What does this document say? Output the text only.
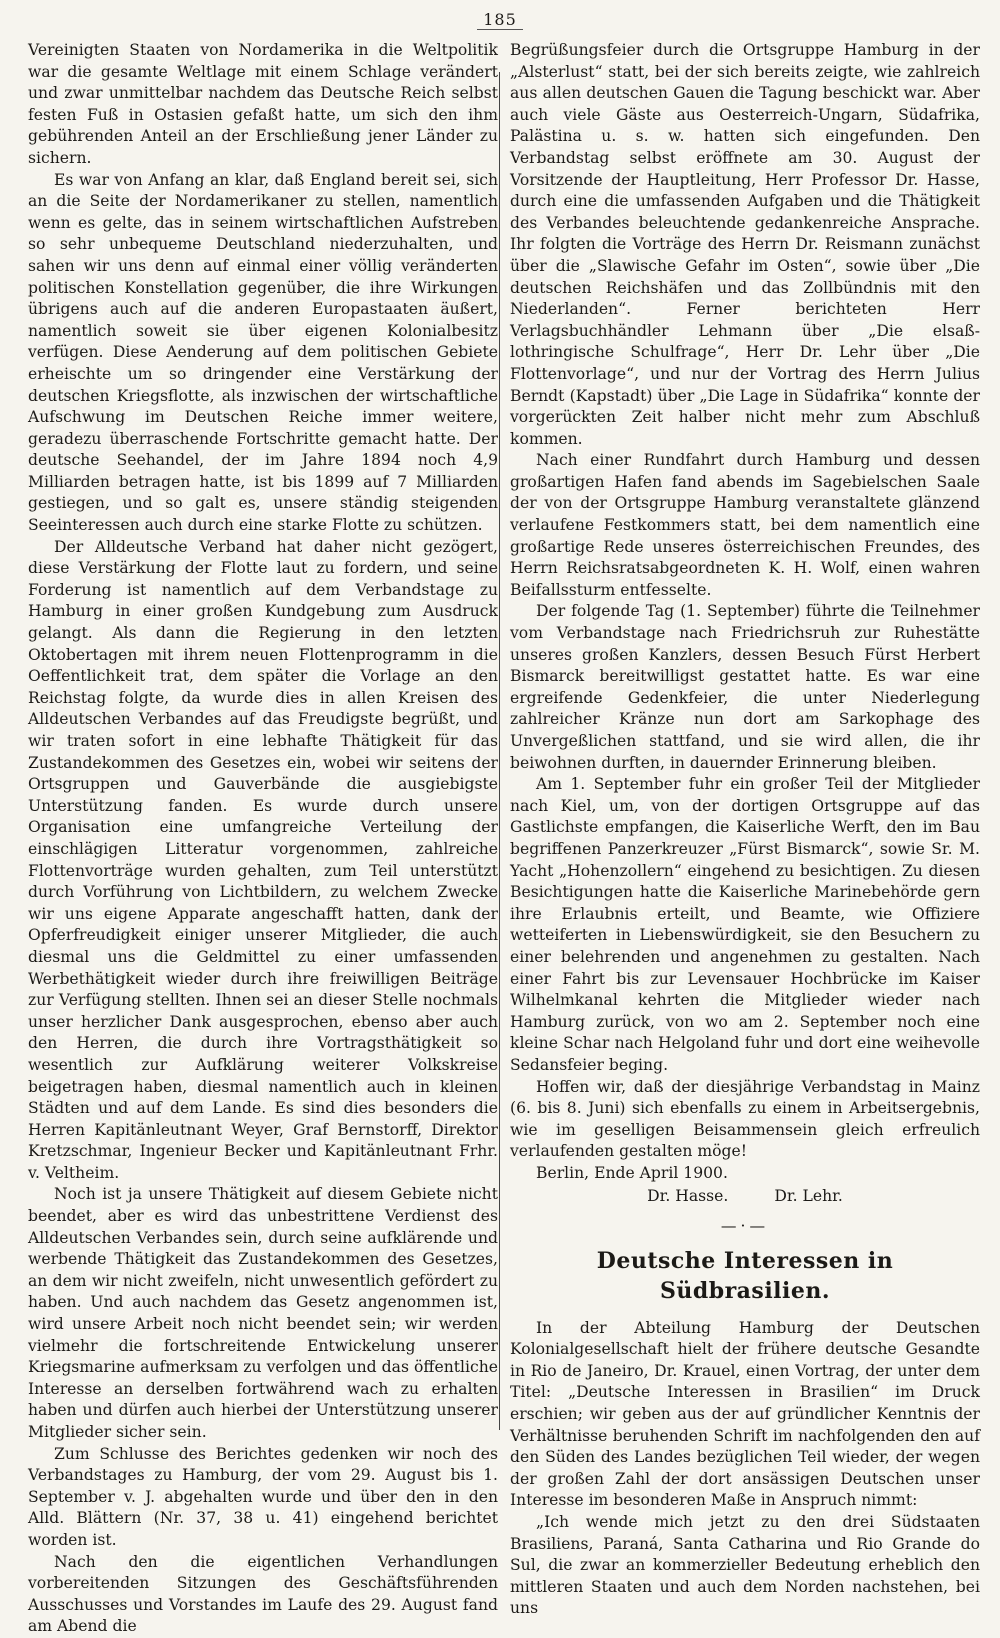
185

Vereinigten Staaten von Nordamerika in die Weltpolitik war die gesamte Weltlage mit einem Schlage verändert und zwar unmittelbar nachdem das Deutsche Reich selbst festen Fuß in Ostasien gefaßt hatte, um sich den ihm gebührenden Anteil an der Erschließung jener Länder zu sichern.

Es war von Anfang an klar, daß England bereit sei, sich an die Seite der Nordamerikaner zu stellen, namentlich wenn es gelte, das in seinem wirtschaftlichen Aufstreben so sehr unbequeme Deutschland niederzuhalten, und sahen wir uns denn auf einmal einer völlig veränderten politischen Konstellation gegenüber, die ihre Wirkungen übrigens auch auf die anderen Europastaaten äußert, namentlich soweit sie über eigenen Kolonialbesitz verfügen. Diese Aenderung auf dem politischen Gebiete erheischte um so dringender eine Verstärkung der deutschen Kriegsflotte, als inzwischen der wirtschaftliche Aufschwung im Deutschen Reiche immer weitere, geradezu überraschende Fortschritte gemacht hatte. Der deutsche Seehandel, der im Jahre 1894 noch 4,9 Milliarden betragen hatte, ist bis 1899 auf 7 Milliarden gestiegen, und so galt es, unsere ständig steigenden Seeinteressen auch durch eine starke Flotte zu schützen.

Der Alldeutsche Verband hat daher nicht gezögert, diese Verstärkung der Flotte laut zu fordern, und seine Forderung ist namentlich auf dem Verbandstage zu Hamburg in einer großen Kundgebung zum Ausdruck gelangt. Als dann die Regierung in den letzten Oktobertagen mit ihrem neuen Flottenprogramm in die Oeffentlichkeit trat, dem später die Vorlage an den Reichstag folgte, da wurde dies in allen Kreisen des Alldeutschen Verbandes auf das Freudigste begrüßt, und wir traten sofort in eine lebhafte Thätigkeit für das Zustandekommen des Gesetzes ein, wobei wir seitens der Ortsgruppen und Gauverbände die ausgiebigste Unterstützung fanden. Es wurde durch unsere Organisation eine umfangreiche Verteilung der einschlägigen Litteratur vorgenommen, zahlreiche Flottenvorträge wurden gehalten, zum Teil unterstützt durch Vorführung von Lichtbildern, zu welchem Zwecke wir uns eigene Apparate angeschafft hatten, dank der Opferfreudigkeit einiger unserer Mitglieder, die auch diesmal uns die Geldmittel zu einer umfassenden Werbethätigkeit wieder durch ihre freiwilligen Beiträge zur Verfügung stellten. Ihnen sei an dieser Stelle nochmals unser herzlicher Dank ausgesprochen, ebenso aber auch den Herren, die durch ihre Vortragsthätigkeit so wesentlich zur Aufklärung weiterer Volkskreise beigetragen haben, diesmal namentlich auch in kleinen Städten und auf dem Lande. Es sind dies besonders die Herren Kapitänleutnant Weyer, Graf Bernstorff, Direktor Kretzschmar, Ingenieur Becker und Kapitänleutnant Frhr. v. Veltheim.

Noch ist ja unsere Thätigkeit auf diesem Gebiete nicht beendet, aber es wird das unbestrittene Verdienst des Alldeutschen Verbandes sein, durch seine aufklärende und werbende Thätigkeit das Zustandekommen des Gesetzes, an dem wir nicht zweifeln, nicht unwesentlich gefördert zu haben. Und auch nachdem das Gesetz angenommen ist, wird unsere Arbeit noch nicht beendet sein; wir werden vielmehr die fortschreitende Entwickelung unserer Kriegsmarine aufmerksam zu verfolgen und das öffentliche Interesse an derselben fortwährend wach zu erhalten haben und dürfen auch hierbei der Unterstützung unserer Mitglieder sicher sein.

Zum Schlusse des Berichtes gedenken wir noch des Verbandstages zu Hamburg, der vom 29. August bis 1. September v. J. abgehalten wurde und über den in den Alld. Blättern (Nr. 37, 38 u. 41) eingehend berichtet worden ist.

Nach den die eigentlichen Verhandlungen vorbereitenden Sitzungen des Geschäftsführenden Ausschusses und Vorstandes im Laufe des 29. August fand am Abend die

Begrüßungsfeier durch die Ortsgruppe Hamburg in der „Alsterlust“ statt, bei der sich bereits zeigte, wie zahlreich aus allen deutschen Gauen die Tagung beschickt war. Aber auch viele Gäste aus Oesterreich-Ungarn, Südafrika, Palästina u. s. w. hatten sich eingefunden. Den Verbandstag selbst eröffnete am 30. August der Vorsitzende der Hauptleitung, Herr Professor Dr. Hasse, durch eine die umfassenden Aufgaben und die Thätigkeit des Verbandes beleuchtende gedankenreiche Ansprache. Ihr folgten die Vorträge des Herrn Dr. Reismann zunächst über die „Slawische Gefahr im Osten“, sowie über „Die deutschen Reichshäfen und das Zollbündnis mit den Niederlanden“. Ferner berichteten Herr Verlagsbuchhändler Lehmann über „Die elsaß-lothringische Schulfrage“, Herr Dr. Lehr über „Die Flottenvorlage“, und nur der Vortrag des Herrn Julius Berndt (Kapstadt) über „Die Lage in Südafrika“ konnte der vorgerückten Zeit halber nicht mehr zum Abschluß kommen.

Nach einer Rundfahrt durch Hamburg und dessen großartigen Hafen fand abends im Sagebielschen Saale der von der Ortsgruppe Hamburg veranstaltete glänzend verlaufene Festkommers statt, bei dem namentlich eine großartige Rede unseres österreichischen Freundes, des Herrn Reichsratsabgeordneten K. H. Wolf, einen wahren Beifallssturm entfesselte.

Der folgende Tag (1. September) führte die Teilnehmer vom Verbandstage nach Friedrichsruh zur Ruhestätte unseres großen Kanzlers, dessen Besuch Fürst Herbert Bismarck bereitwilligst gestattet hatte. Es war eine ergreifende Gedenkfeier, die unter Niederlegung zahlreicher Kränze nun dort am Sarkophage des Unvergeßlichen stattfand, und sie wird allen, die ihr beiwohnen durften, in dauernder Erinnerung bleiben.

Am 1. September fuhr ein großer Teil der Mitglieder nach Kiel, um, von der dortigen Ortsgruppe auf das Gastlichste empfangen, die Kaiserliche Werft, den im Bau begriffenen Panzerkreuzer „Fürst Bismarck“, sowie Sr. M. Yacht „Hohenzollern“ eingehend zu besichtigen. Zu diesen Besichtigungen hatte die Kaiserliche Marinebehörde gern ihre Erlaubnis erteilt, und Beamte, wie Offiziere wetteiferten in Liebenswürdigkeit, sie den Besuchern zu einer belehrenden und angenehmen zu gestalten. Nach einer Fahrt bis zur Levensauer Hochbrücke im Kaiser Wilhelmkanal kehrten die Mitglieder wieder nach Hamburg zurück, von wo am 2. September noch eine kleine Schar nach Helgoland fuhr und dort eine weihevolle Sedansfeier beging.

Hoffen wir, daß der diesjährige Verbandstag in Mainz (6. bis 8. Juni) sich ebenfalls zu einem in Arbeitsergebnis, wie im geselligen Beisammensein gleich erfreulich verlaufenden gestalten möge!

Berlin, Ende April 1900.

Dr. Hasse.	Dr. Lehr.
—·—
Deutsche Interessen in Südbrasilien.

In der Abteilung Hamburg der Deutschen Kolonialgesellschaft hielt der frühere deutsche Gesandte in Rio de Janeiro, Dr. Krauel, einen Vortrag, der unter dem Titel: „Deutsche Interessen in Brasilien“ im Druck erschien; wir geben aus der auf gründlicher Kenntnis der Verhältnisse beruhenden Schrift im nachfolgenden den auf den Süden des Landes bezüglichen Teil wieder, der wegen der großen Zahl der dort ansässigen Deutschen unser Interesse im besonderen Maße in Anspruch nimmt:

„Ich wende mich jetzt zu den drei Südstaaten Brasiliens, Paraná, Santa Catharina und Rio Grande do Sul, die zwar an kommerzieller Bedeutung erheblich den mittleren Staaten und auch dem Norden nachstehen, bei uns
